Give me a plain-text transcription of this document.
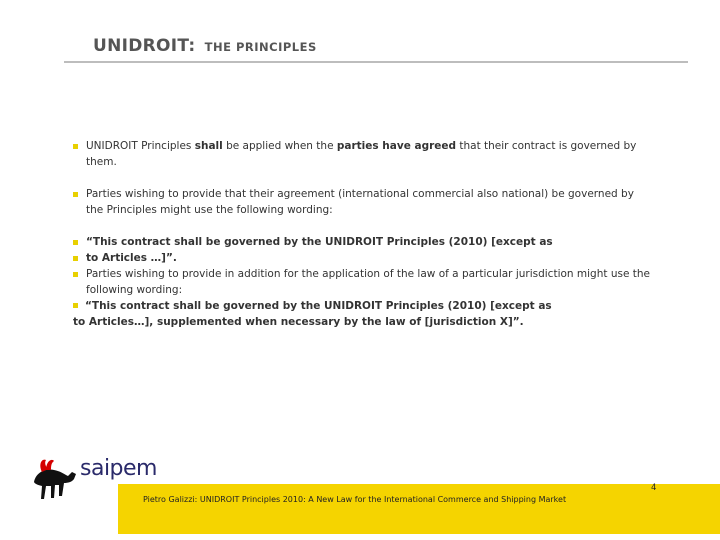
UNIDROIT: THE PRINCIPLES
UNIDROIT Principles shall be applied when the parties have agreed that their contract is governed by them.
Parties wishing to provide that their agreement (international commercial also national) be governed by the Principles might use the following wording:
“This contract shall be governed by the UNIDROIT Principles (2010) [except as
to Articles …]”.
Parties wishing to provide in addition for the application of the law of a particular jurisdiction might use the following wording:
“This contract shall be governed by the UNIDROIT Principles (2010) [except as
to Articles…], supplemented when necessary by the law of [jurisdiction X]”.
saipem
Pietro Galizzi: UNIDROIT Principles 2010: A New Law for the International Commerce and Shipping Market
4
